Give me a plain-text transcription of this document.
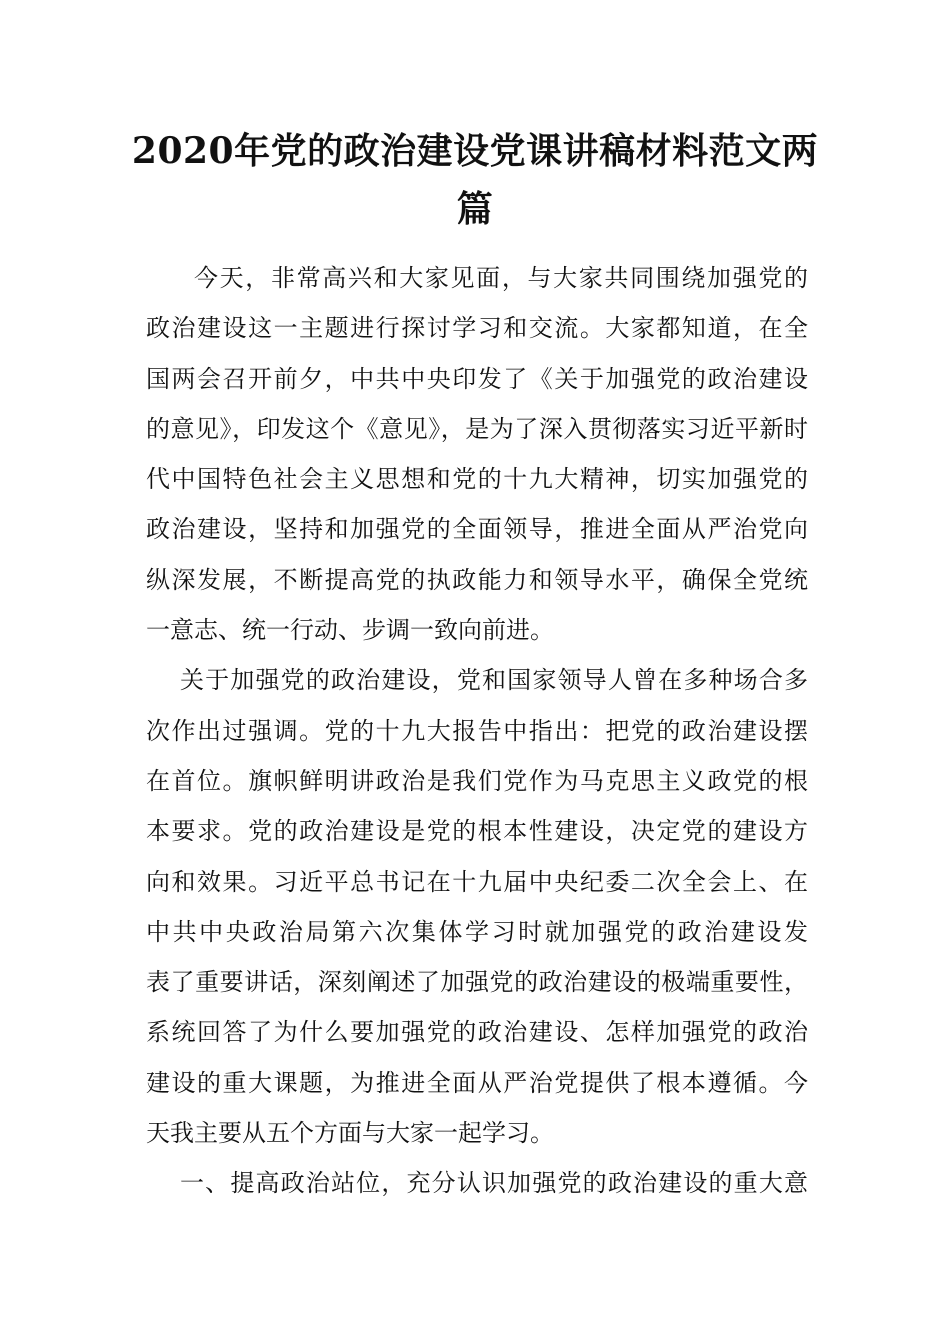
2020年党的政治建设党课讲稿材料范文两
篇
今天，非常高兴和大家见面，与大家共同围绕加强党的
政治建设这一主题进行探讨学习和交流。大家都知道，在全
国两会召开前夕，中共中央印发了《关于加强党的政治建设
的意见》，印发这个《意见》，是为了深入贯彻落实习近平新时
代中国特色社会主义思想和党的十九大精神，切实加强党的
政治建设，坚持和加强党的全面领导，推进全面从严治党向
纵深发展，不断提高党的执政能力和领导水平，确保全党统
一意志、统一行动、步调一致向前进。
关于加强党的政治建设，党和国家领导人曾在多种场合多
次作出过强调。党的十九大报告中指出：把党的政治建设摆
在首位。旗帜鲜明讲政治是我们党作为马克思主义政党的根
本要求。党的政治建设是党的根本性建设，决定党的建设方
向和效果。习近平总书记在十九届中央纪委二次全会上、在
中共中央政治局第六次集体学习时就加强党的政治建设发
表了重要讲话，深刻阐述了加强党的政治建设的极端重要性，
系统回答了为什么要加强党的政治建设、怎样加强党的政治
建设的重大课题，为推进全面从严治党提供了根本遵循。今
天我主要从五个方面与大家一起学习。
一、提高政治站位，充分认识加强党的政治建设的重大意
